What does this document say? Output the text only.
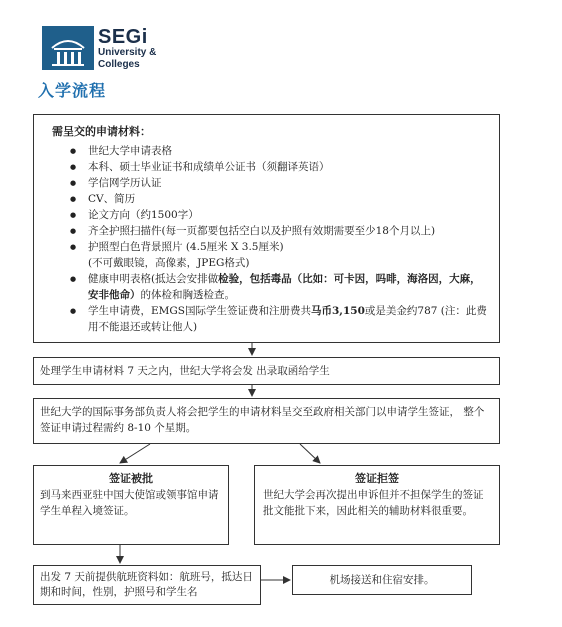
SEGi
University &
Colleges
入学流程
需呈交的申请材料：
● 世纪大学申请表格
● 本科、硕士毕业证书和成绩单公证书（须翻译英语）
● 学信网学历认证
● CV、简历
● 论文方向（约1500字）
● 齐全护照扫描件(每一页都要包括空白以及护照有效期需要至少18个月以上)
● 护照型白色背景照片 (4.5厘米 X 3.5厘米)
(不可戴眼镜，高像素，JPEG格式)
● 健康申明表格(抵达会安排做检验，包括毒品（比如：可卡因，吗啡，海洛因，大麻，安非他命）的体检和胸透检查。
● 学生申请费，EMGS国际学生签证费和注册费共马币3,150或是美金约787 (注：此费用不能退还或转让他人)
处理学生申请材料 7 天之内，世纪大学将会发 出录取函给学生
世纪大学的国际事务部负责人将会把学生的申请材料呈交至政府相关部门以申请学生签证， 整个签证申请过程需约 8-10 个星期。
签证被批
到马来西亚驻中国大使馆或领事馆申请学生单程入境签证。
签证拒签
世纪大学会再次提出申诉但并不担保学生的签证批文能批下来，因此相关的辅助材料很重要。
出发 7 天前提供航班资料如：航班号，抵达日期和时间，性别，护照号和学生名
机场接送和住宿安排。
